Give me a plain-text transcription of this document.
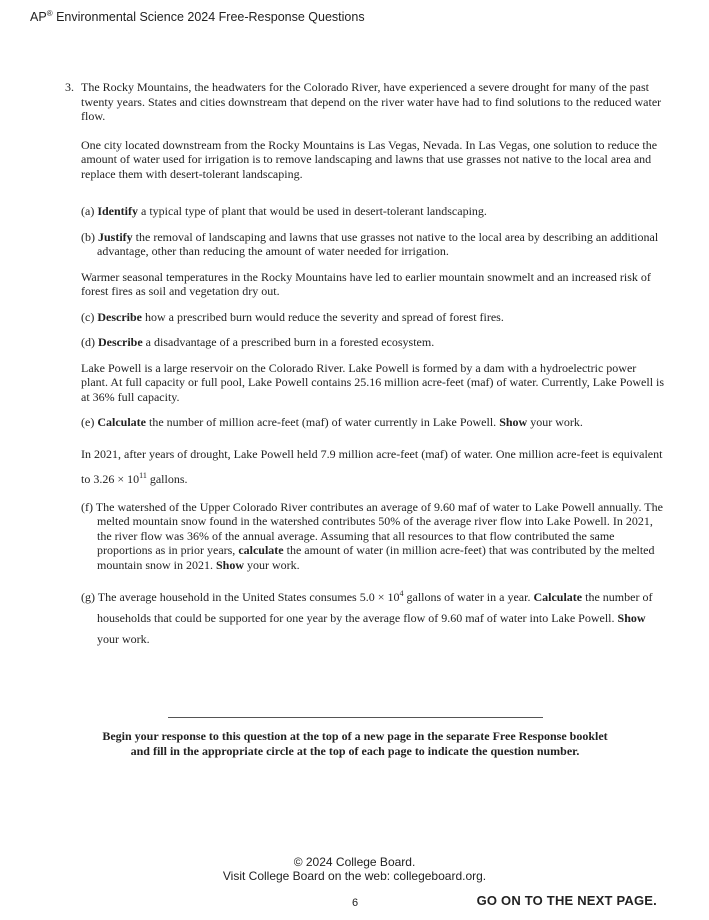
AP® Environmental Science 2024 Free-Response Questions
3. The Rocky Mountains, the headwaters for the Colorado River, have experienced a severe drought for many of the past twenty years. States and cities downstream that depend on the river water have had to find solutions to the reduced water flow.

One city located downstream from the Rocky Mountains is Las Vegas, Nevada. In Las Vegas, one solution to reduce the amount of water used for irrigation is to remove landscaping and lawns that use grasses not native to the local area and replace them with desert-tolerant landscaping.

(a) Identify a typical type of plant that would be used in desert-tolerant landscaping.

(b) Justify the removal of landscaping and lawns that use grasses not native to the local area by describing an additional advantage, other than reducing the amount of water needed for irrigation.

Warmer seasonal temperatures in the Rocky Mountains have led to earlier mountain snowmelt and an increased risk of forest fires as soil and vegetation dry out.

(c) Describe how a prescribed burn would reduce the severity and spread of forest fires.

(d) Describe a disadvantage of a prescribed burn in a forested ecosystem.

Lake Powell is a large reservoir on the Colorado River. Lake Powell is formed by a dam with a hydroelectric power plant. At full capacity or full pool, Lake Powell contains 25.16 million acre-feet (maf) of water. Currently, Lake Powell is at 36% full capacity.

(e) Calculate the number of million acre-feet (maf) of water currently in Lake Powell. Show your work.

In 2021, after years of drought, Lake Powell held 7.9 million acre-feet (maf) of water. One million acre-feet is equivalent to $3.26 \times 10^{11}$ gallons.

(f) The watershed of the Upper Colorado River contributes an average of 9.60 maf of water to Lake Powell annually. The melted mountain snow found in the watershed contributes 50% of the average river flow into Lake Powell. In 2021, the river flow was 36% of the annual average. Assuming that all resources to that flow contributed the same proportions as in prior years, calculate the amount of water (in million acre-feet) that was contributed by the melted mountain snow in 2021. Show your work.

(g) The average household in the United States consumes $5.0 \times 10^4$ gallons of water in a year. Calculate the number of households that could be supported for one year by the average flow of 9.60 maf of water into Lake Powell. Show your work.

Begin your response to this question at the top of a new page in the separate Free Response booklet
and fill in the appropriate circle at the top of each page to indicate the question number.
© 2024 College Board.
Visit College Board on the web: collegeboard.org.
6	GO ON TO THE NEXT PAGE.
